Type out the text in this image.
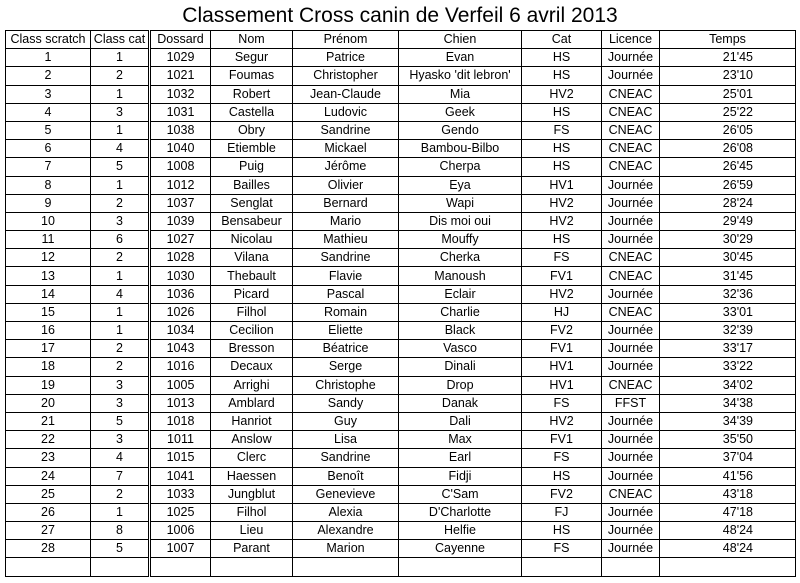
Classement Cross canin de Verfeil 6 avril 2013
Class scratch	Class cat	Dossard	Nom	Prénom	Chien	Cat	Licence	Temps
1	1	1029	Segur	Patrice	Evan	HS	Journée	21'45
2	2	1021	Foumas	Christopher	Hyasko 'dit lebron'	HS	Journée	23'10
3	1	1032	Robert	Jean-Claude	Mia	HV2	CNEAC	25'01
4	3	1031	Castella	Ludovic	Geek	HS	CNEAC	25'22
5	1	1038	Obry	Sandrine	Gendo	FS	CNEAC	26'05
6	4	1040	Etiemble	Mickael	Bambou-Bilbo	HS	CNEAC	26'08
7	5	1008	Puig	Jérôme	Cherpa	HS	CNEAC	26'45
8	1	1012	Bailles	Olivier	Eya	HV1	Journée	26'59
9	2	1037	Senglat	Bernard	Wapi	HV2	Journée	28'24
10	3	1039	Bensabeur	Mario	Dis moi oui	HV2	Journée	29'49
11	6	1027	Nicolau	Mathieu	Mouffy	HS	Journée	30'29
12	2	1028	Vilana	Sandrine	Cherka	FS	CNEAC	30'45
13	1	1030	Thebault	Flavie	Manoush	FV1	CNEAC	31'45
14	4	1036	Picard	Pascal	Eclair	HV2	Journée	32'36
15	1	1026	Filhol	Romain	Charlie	HJ	CNEAC	33'01
16	1	1034	Cecilion	Eliette	Black	FV2	Journée	32'39
17	2	1043	Bresson	Béatrice	Vasco	FV1	Journée	33'17
18	2	1016	Decaux	Serge	Dinali	HV1	Journée	33'22
19	3	1005	Arrighi	Christophe	Drop	HV1	CNEAC	34'02
20	3	1013	Amblard	Sandy	Danak	FS	FFST	34'38
21	5	1018	Hanriot	Guy	Dali	HV2	Journée	34'39
22	3	1011	Anslow	Lisa	Max	FV1	Journée	35'50
23	4	1015	Clerc	Sandrine	Earl	FS	Journée	37'04
24	7	1041	Haessen	Benoît	Fidji	HS	Journée	41'56
25	2	1033	Jungblut	Genevieve	C'Sam	FV2	CNEAC	43'18
26	1	1025	Filhol	Alexia	D'Charlotte	FJ	Journée	47'18
27	8	1006	Lieu	Alexandre	Helfie	HS	Journée	48'24
28	5	1007	Parant	Marion	Cayenne	FS	Journée	48'24
